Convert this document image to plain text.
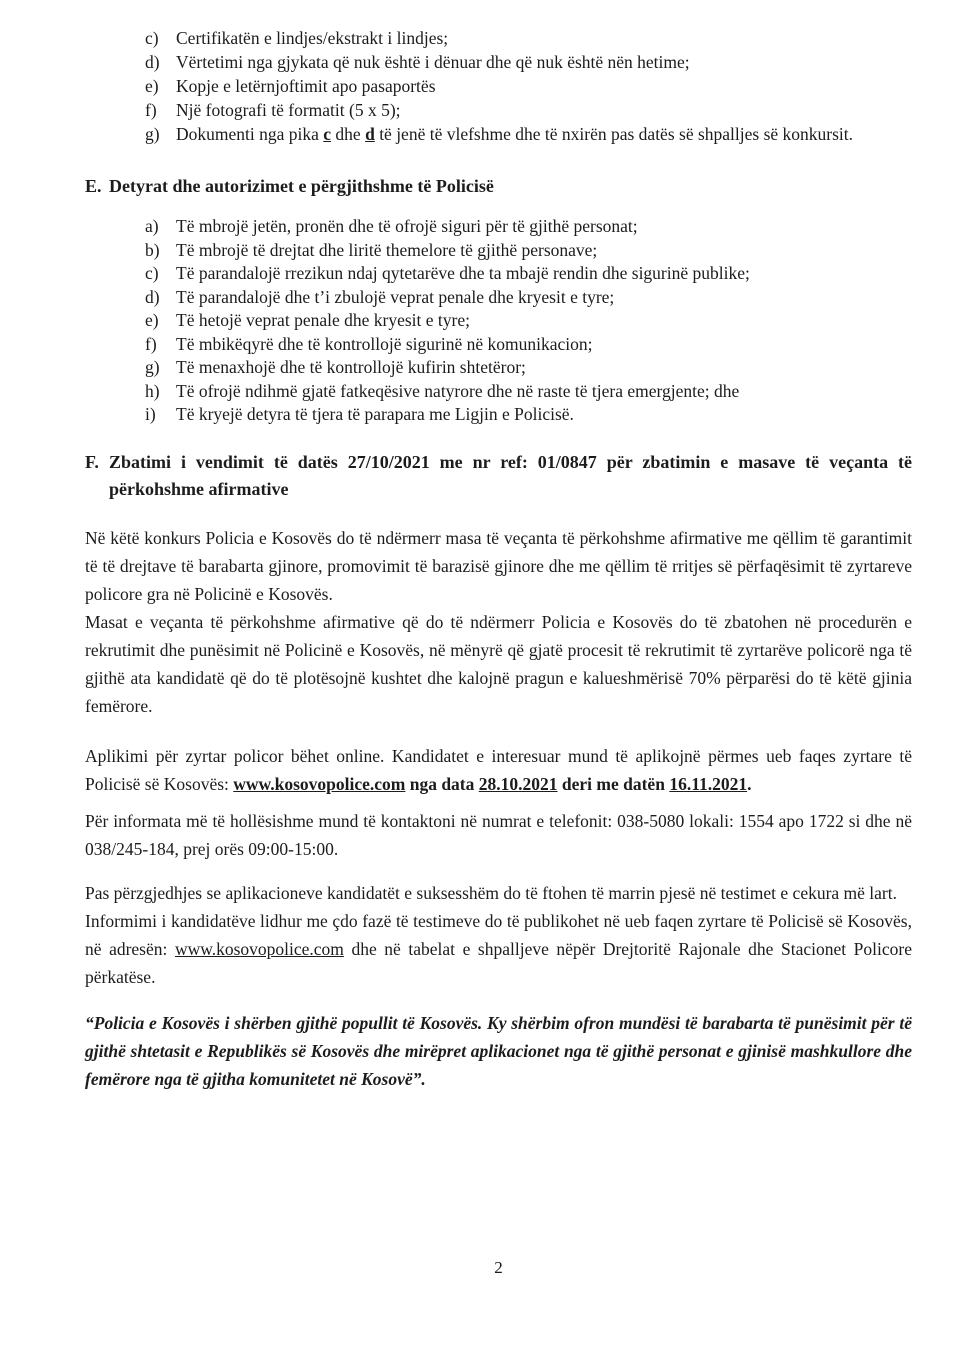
c) Certifikatën e lindjes/ekstrakt i lindjes;
d) Vërtetimi nga gjykata që nuk është i dënuar dhe që nuk është nën hetime;
e) Kopje e letërnjoftimit apo pasaportës
f)	Një fotografi të formatit (5 x 5);
g) Dokumenti nga pika c dhe d të jenë të vlefshme dhe të nxirën pas datës së shpalljes së konkursit.
E. Detyrat dhe autorizimet e përgjithshme të Policisë
a) Të mbrojë jetën, pronën dhe të ofrojë siguri për të gjithë personat;
b) Të mbrojë të drejtat dhe liritë themelore të gjithë personave;
c) Të parandalojë rrezikun ndaj qytetarëve dhe ta mbajë rendin dhe sigurinë publike;
d) Të parandalojë dhe t’i zbulojë veprat penale dhe kryesit e tyre;
e) Të hetojë veprat penale dhe kryesit e tyre;
f)	Të mbikëqyrë dhe të kontrollojë sigurinë në komunikacion;
g) Të menaxhojë dhe të kontrollojë kufirin shtetëror;
h) Të ofrojë ndihmë gjatë fatkeqësive natyrore dhe në raste të tjera emergjente; dhe
i)	Të kryejë detyra të tjera të parapara me Ligjin e Policisë.
F. Zbatimi i vendimit të datës 27/10/2021 me nr ref: 01/0847 për zbatimin e masave të veçanta të përkohshme afirmative

Në këtë konkurs Policia e Kosovës do të ndërmerr masa të veçanta të përkohshme afirmative me qëllim të garantimit të të drejtave të barabarta gjinore, promovimit të barazisë gjinore dhe me qëllim të rritjes së përfaqësimit të zyrtareve policore gra në Policinë e Kosovës.

Masat e veçanta të përkohshme afirmative që do të ndërmerr Policia e Kosovës do të zbatohen në procedurën e rekrutimit dhe punësimit në Policinë e Kosovës, në mënyrë që gjatë procesit të rekrutimit të zyrtarëve policorë nga të gjithë ata kandidatë që do të plotësojnë kushtet dhe kalojnë pragun e kalueshmërisë 70% përparësi do të këtë gjinia femërore.

Aplikimi për zyrtar policor bëhet online. Kandidatet e interesuar mund të aplikojnë përmes ueb faqes zyrtare të Policisë së Kosovës: www.kosovopolice.com nga data 28.10.2021 deri me datën 16.11.2021.

Për informata më të hollësishme mund të kontaktoni në numrat e telefonit: 038-5080 lokali: 1554 apo 1722 si dhe në 038/245-184, prej orës 09:00-15:00.

Pas përzgjedhjes se aplikacioneve kandidatët e suksesshëm do të ftohen të marrin pjesë në testimet e cekura më lart.

Informimi i kandidatëve lidhur me çdo fazë të testimeve do të publikohet në ueb faqen zyrtare të Policisë së Kosovës, në adresën: www.kosovopolice.com dhe në tabelat e shpalljeve nëpër Drejtoritë Rajonale dhe Stacionet Policore përkatëse.

“Policia e Kosovës i shërben gjithë popullit të Kosovës. Ky shërbim ofron mundësi të barabarta të punësimit për të gjithë shtetasit e Republikës së Kosovës dhe mirëpret aplikacionet nga të gjithë personat e gjinisë mashkullore dhe femërore nga të gjitha komunitetet në Kosovë”.

2
